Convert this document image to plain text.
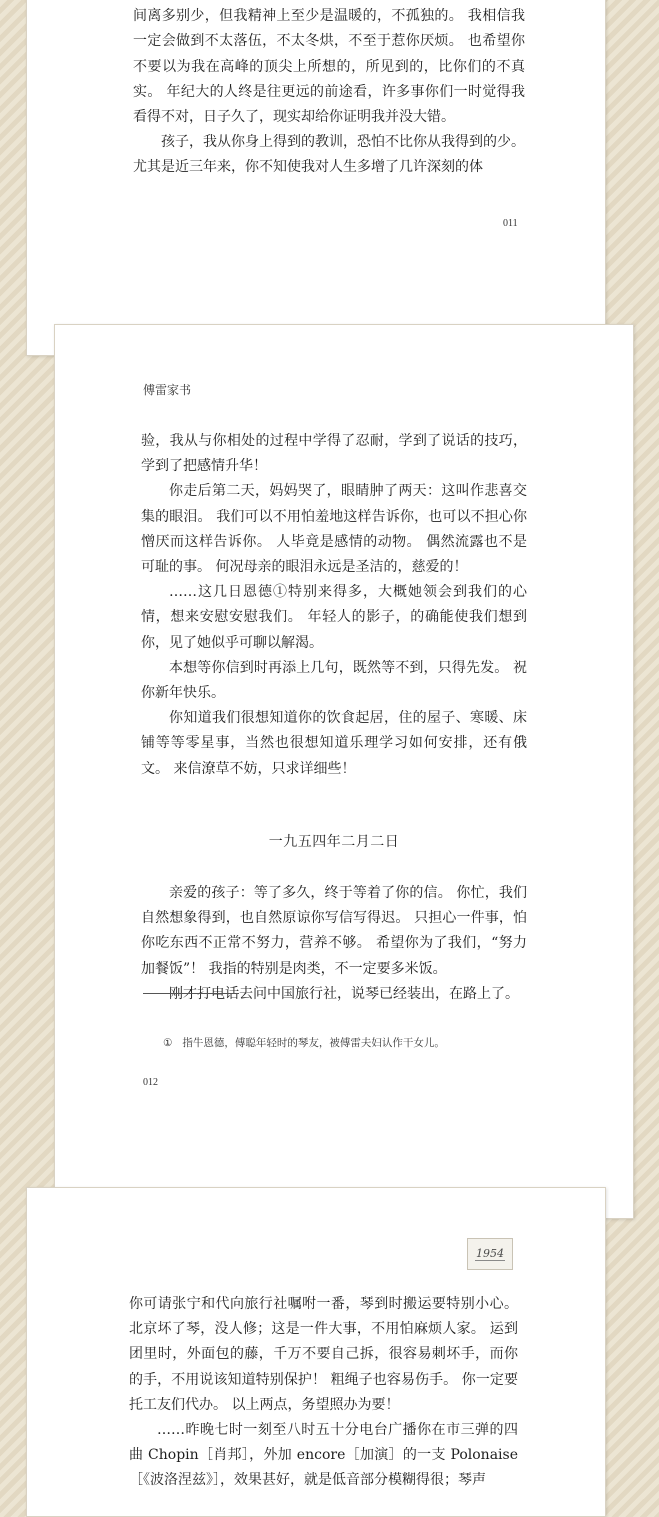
间离多别少，但我精神上至少是温暖的，不孤独的。 我相信我一定会做到不太落伍，不太冬烘，不至于惹你厌烦。 也希望你不要以为我在高峰的顶尖上所想的，所见到的，比你们的不真实。 年纪大的人终是往更远的前途看，许多事你们一时觉得我看得不对，日子久了，现实却给你证明我并没大错。

孩子，我从你身上得到的教训，恐怕不比你从我得到的少。 尤其是近三年来，你不知使我对人生多增了几许深刻的体

011
傅雷家书

验，我从与你相处的过程中学得了忍耐，学到了说话的技巧，学到了把感情升华！

你走后第二天，妈妈哭了，眼睛肿了两天：这叫作悲喜交集的眼泪。 我们可以不用怕羞地这样告诉你，也可以不担心你憎厌而这样告诉你。 人毕竟是感情的动物。 偶然流露也不是可耻的事。 何况母亲的眼泪永远是圣洁的，慈爱的！

……这几日恩德①特别来得多，大概她领会到我们的心情，想来安慰安慰我们。 年轻人的影子，的确能使我们想到你，见了她似乎可聊以解渴。

本想等你信到时再添上几句，既然等不到，只得先发。 祝你新年快乐。

你知道我们很想知道你的饮食起居，住的屋子、寒暖、床铺等等零星事，当然也很想知道乐理学习如何安排，还有俄文。 来信潦草不妨，只求详细些！

一九五四年二月二日

亲爱的孩子：等了多久，终于等着了你的信。 你忙，我们自然想象得到，也自然原谅你写信写得迟。 只担心一件事，怕你吃东西不正常不努力，营养不够。 希望你为了我们，“努力加餐饭”！ 我指的特别是肉类，不一定要多米饭。

刚才打电话去问中国旅行社，说琴已经装出，在路上了。

① 指牛恩德，傅聪年轻时的琴友，被傅雷夫妇认作干女儿。
012
1954

你可请张宁和代向旅行社嘱咐一番，琴到时搬运要特别小心。北京坏了琴，没人修；这是一件大事，不用怕麻烦人家。 运到团里时，外面包的藤，千万不要自己拆，很容易刺坏手，而你的手，不用说该知道特别保护！ 粗绳子也容易伤手。 你一定要托工友们代办。 以上两点，务望照办为要！

……昨晚七时一刻至八时五十分电台广播你在市三弹的四曲 Chopin［肖邦］，外加 encore［加演］的一支 Polonaise［《波洛涅兹》］，效果甚好，就是低音部分模糊得很；琴声
